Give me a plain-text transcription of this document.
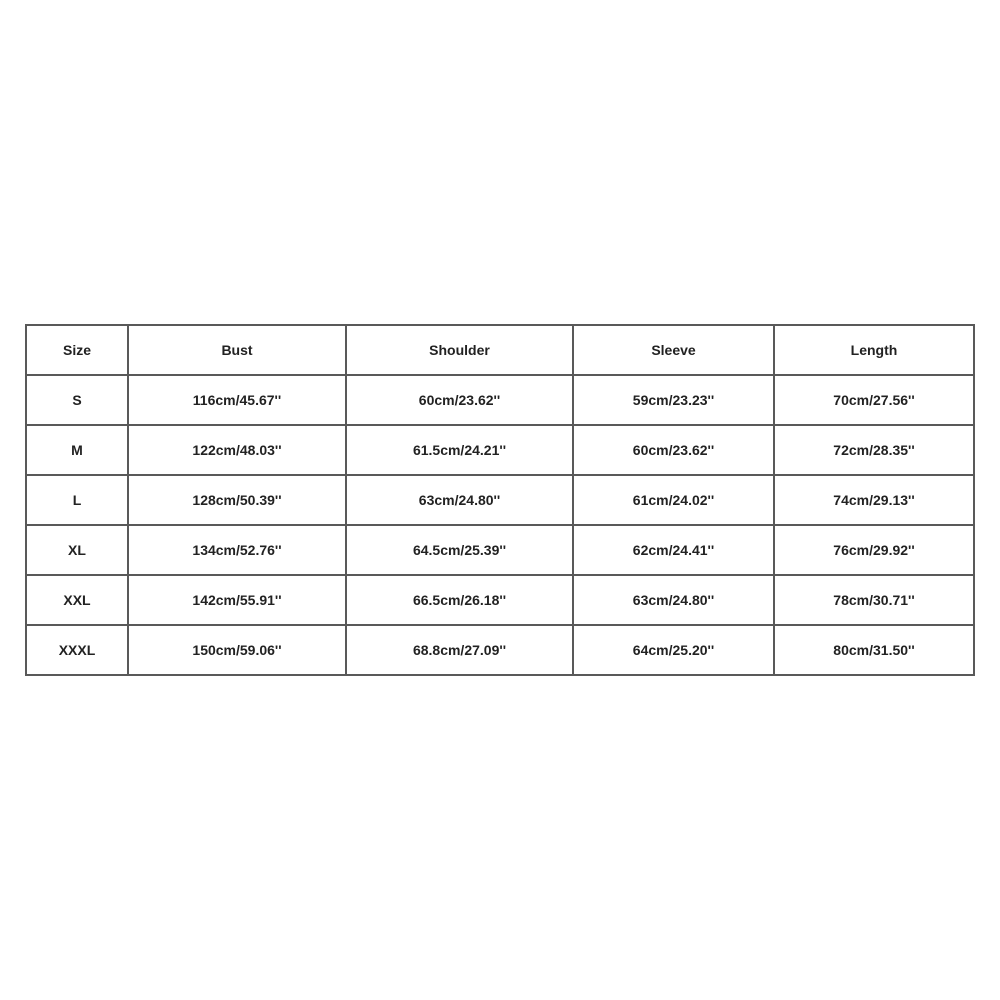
Size	Bust	Shoulder	Sleeve	Length
S	116cm/45.67''	60cm/23.62''	59cm/23.23''	70cm/27.56''
M	122cm/48.03''	61.5cm/24.21''	60cm/23.62''	72cm/28.35''
L	128cm/50.39''	63cm/24.80''	61cm/24.02''	74cm/29.13''
XL	134cm/52.76''	64.5cm/25.39''	62cm/24.41''	76cm/29.92''
XXL	142cm/55.91''	66.5cm/26.18''	63cm/24.80''	78cm/30.71''
XXXL	150cm/59.06''	68.8cm/27.09''	64cm/25.20''	80cm/31.50''
